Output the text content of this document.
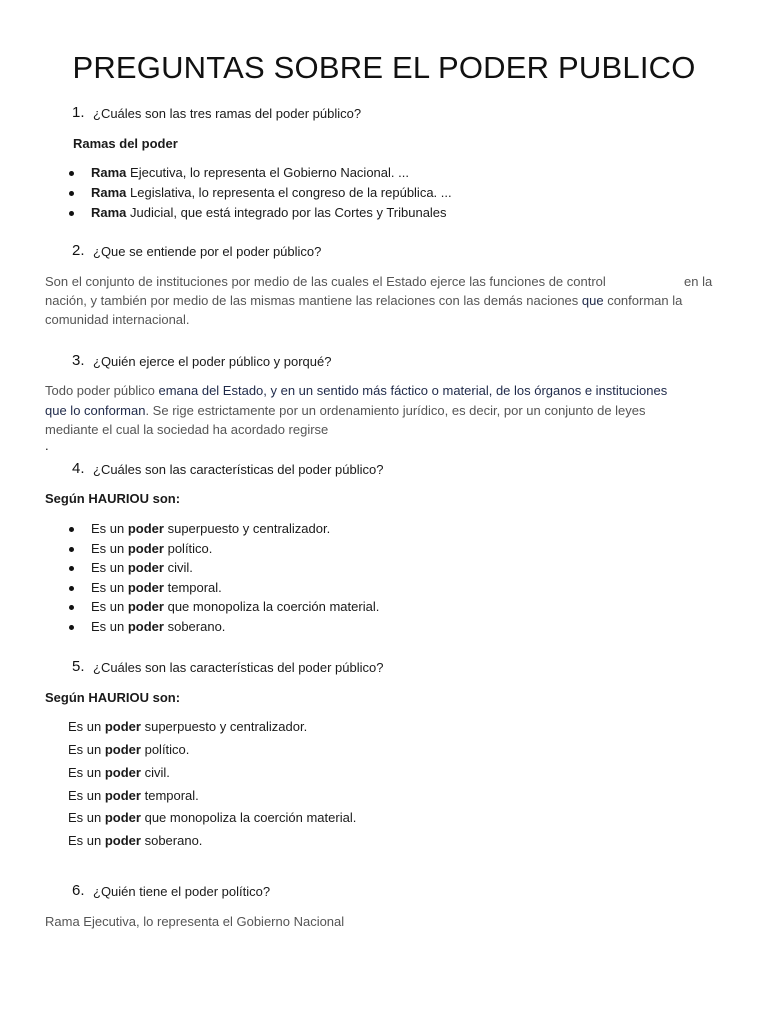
PREGUNTAS SOBRE EL PODER PUBLICO
1. ¿Cuáles son las tres ramas del poder público?
Ramas del poder
Rama Ejecutiva, lo representa el Gobierno Nacional. ...
Rama Legislativa, lo representa el congreso de la república. ...
Rama Judicial, que está integrado por las Cortes y Tribunales
2. ¿Que se entiende por el poder público?
Son el conjunto de instituciones por medio de las cuales el Estado ejerce las funciones de control	en la
nación, y también por medio de las mismas mantiene las relaciones con las demás naciones que conforman la
comunidad internacional.
3. ¿Quién ejerce el poder público y porqué?
Todo poder público emana del Estado, y en un sentido más fáctico o material, de los órganos e instituciones
que lo conforman. Se rige estrictamente por un ordenamiento jurídico, es decir, por un conjunto de leyes
mediante el cual la sociedad ha acordado regirse
.
4. ¿Cuáles son las características del poder público?
Según HAURIOU son:
Es un poder superpuesto y centralizador.
Es un poder político.
Es un poder civil.
Es un poder temporal.
Es un poder que monopoliza la coerción material.
Es un poder soberano.
5. ¿Cuáles son las características del poder público?
Según HAURIOU son:
Es un poder superpuesto y centralizador.
Es un poder político.
Es un poder civil.
Es un poder temporal.
Es un poder que monopoliza la coerción material.
Es un poder soberano.
6. ¿Quién tiene el poder político?
Rama Ejecutiva, lo representa el Gobierno Nacional
